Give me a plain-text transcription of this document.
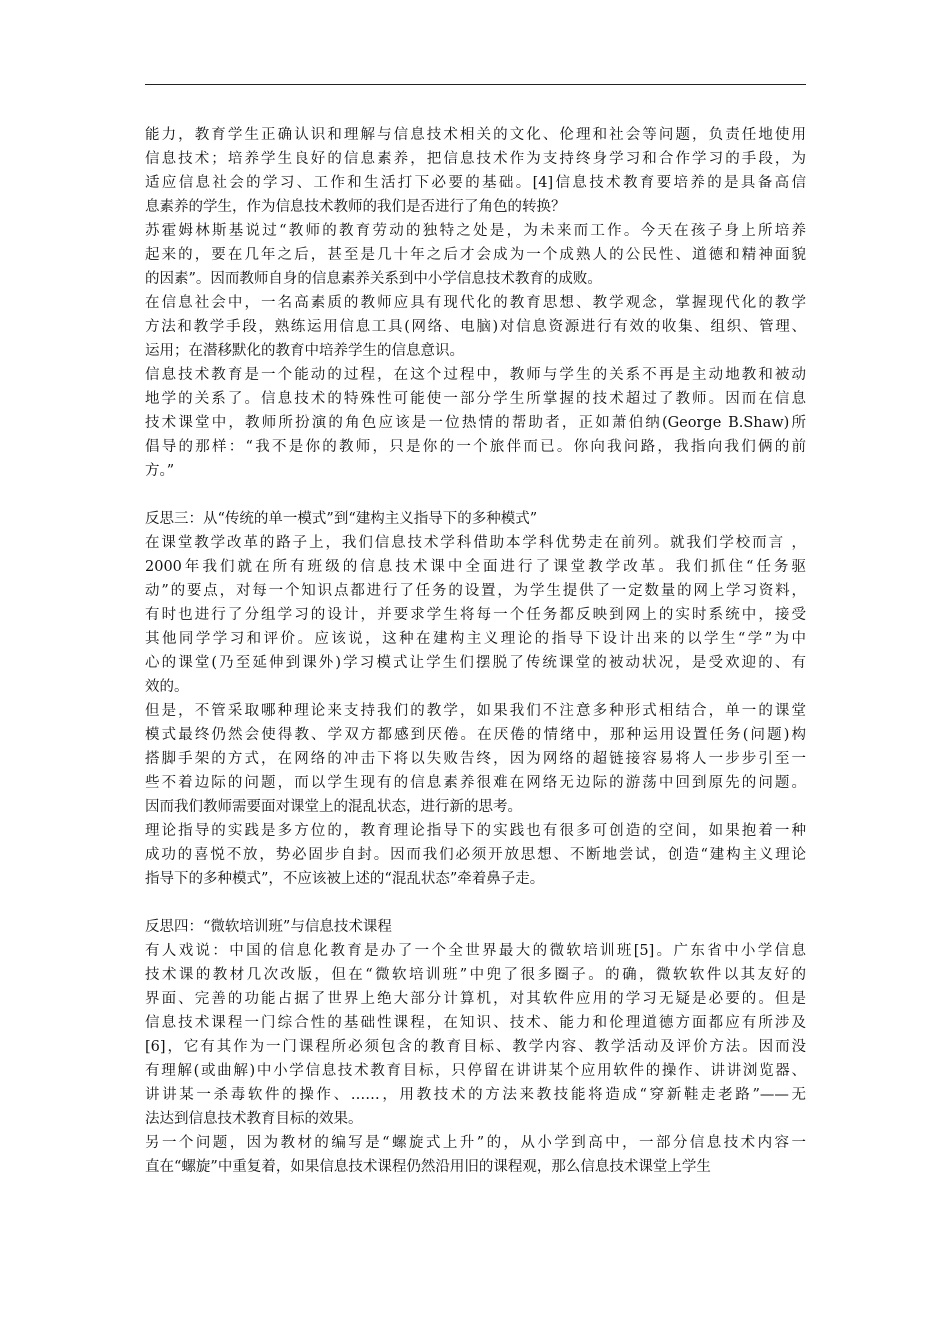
能力，教育学生正确认识和理解与信息技术相关的文化、伦理和社会等问题，负责任地使用
信息技术；培养学生良好的信息素养，把信息技术作为支持终身学习和合作学习的手段，为
适应信息社会的学习、工作和生活打下必要的基础。[4]信息技术教育要培养的是具备高信
息素养的学生，作为信息技术教师的我们是否进行了角色的转换？
苏霍姆林斯基说过“教师的教育劳动的独特之处是，为未来而工作。今天在孩子身上所培养
起来的，要在几年之后，甚至是几十年之后才会成为一个成熟人的公民性、道德和精神面貌
的因素”。因而教师自身的信息素养关系到中小学信息技术教育的成败。
在信息社会中，一名高素质的教师应具有现代化的教育思想、教学观念，掌握现代化的教学
方法和教学手段，熟练运用信息工具(网络、电脑)对信息资源进行有效的收集、组织、管理、
运用；在潜移默化的教育中培养学生的信息意识。
信息技术教育是一个能动的过程，在这个过程中，教师与学生的关系不再是主动地教和被动
地学的关系了。信息技术的特殊性可能使一部分学生所掌握的技术超过了教师。因而在信息
技术课堂中，教师所扮演的角色应该是一位热情的帮助者，正如萧伯纳(George B.Shaw)所
倡导的那样：“我不是你的教师，只是你的一个旅伴而已。你向我问路，我指向我们俩的前
方。”
反思三：从“传统的单一模式”到“建构主义指导下的多种模式”
在课堂教学改革的路子上，我们信息技术学科借助本学科优势走在前列。就我们学校而言 ，
2000年我们就在所有班级的信息技术课中全面进行了课堂教学改革。我们抓住“任务驱
动”的要点，对每一个知识点都进行了任务的设置，为学生提供了一定数量的网上学习资料，
有时也进行了分组学习的设计，并要求学生将每一个任务都反映到网上的实时系统中，接受
其他同学学习和评价。应该说，这种在建构主义理论的指导下设计出来的以学生“学”为中
心的课堂(乃至延伸到课外)学习模式让学生们摆脱了传统课堂的被动状况，是受欢迎的、有
效的。
但是，不管采取哪种理论来支持我们的教学，如果我们不注意多种形式相结合，单一的课堂
模式最终仍然会使得教、学双方都感到厌倦。在厌倦的情绪中，那种运用设置任务(问题)构
搭脚手架的方式，在网络的冲击下将以失败告终，因为网络的超链接容易将人一步步引至一
些不着边际的问题，而以学生现有的信息素养很难在网络无边际的游荡中回到原先的问题。
因而我们教师需要面对课堂上的混乱状态，进行新的思考。
理论指导的实践是多方位的，教育理论指导下的实践也有很多可创造的空间，如果抱着一种
成功的喜悦不放，势必固步自封。因而我们必须开放思想、不断地尝试，创造“建构主义理论
指导下的多种模式”，不应该被上述的“混乱状态”牵着鼻子走。
反思四：“微软培训班”与信息技术课程
有人戏说：中国的信息化教育是办了一个全世界最大的微软培训班[5]。广东省中小学信息
技术课的教材几次改版，但在“微软培训班”中兜了很多圈子。的确，微软软件以其友好的
界面、完善的功能占据了世界上绝大部分计算机，对其软件应用的学习无疑是必要的。但是
信息技术课程一门综合性的基础性课程，在知识、技术、能力和伦理道德方面都应有所涉及
[6]，它有其作为一门课程所必须包含的教育目标、教学内容、教学活动及评价方法。因而没
有理解(或曲解)中小学信息技术教育目标，只停留在讲讲某个应用软件的操作、讲讲浏览器、
讲讲某一杀毒软件的操作、……，用教技术的方法来教技能将造成“穿新鞋走老路”——无
法达到信息技术教育目标的效果。
另一个问题，因为教材的编写是“螺旋式上升”的，从小学到高中，一部分信息技术内容一
直在“螺旋”中重复着，如果信息技术课程仍然沿用旧的课程观，那么信息技术课堂上学生
